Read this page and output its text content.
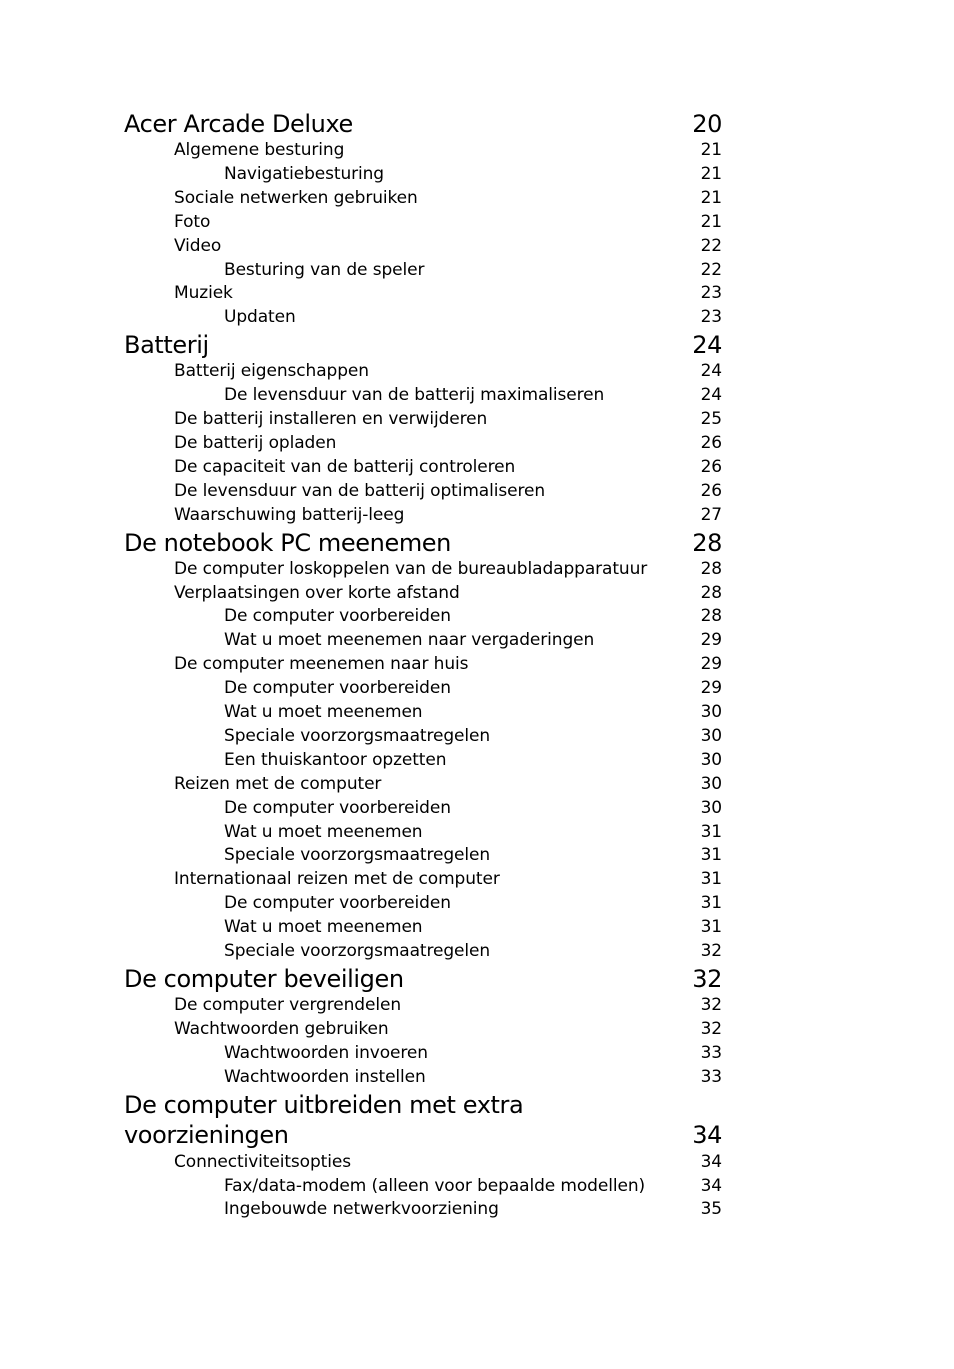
Acer Arcade Deluxe	20
Algemene besturing	21
Navigatiebesturing	21
Sociale netwerken gebruiken	21
Foto	21
Video	22
Besturing van de speler	22
Muziek	23
Updaten	23
Batterij	24
Batterij eigenschappen	24
De levensduur van de batterij maximaliseren	24
De batterij installeren en verwijderen	25
De batterij opladen	26
De capaciteit van de batterij controleren	26
De levensduur van de batterij optimaliseren	26
Waarschuwing batterij-leeg	27
De notebook PC meenemen	28
De computer loskoppelen van de bureaubladapparatuur	28
Verplaatsingen over korte afstand	28
De computer voorbereiden	28
Wat u moet meenemen naar vergaderingen	29
De computer meenemen naar huis	29
De computer voorbereiden	29
Wat u moet meenemen	30
Speciale voorzorgsmaatregelen	30
Een thuiskantoor opzetten	30
Reizen met de computer	30
De computer voorbereiden	30
Wat u moet meenemen	31
Speciale voorzorgsmaatregelen	31
Internationaal reizen met de computer	31
De computer voorbereiden	31
Wat u moet meenemen	31
Speciale voorzorgsmaatregelen	32
De computer beveiligen	32
De computer vergrendelen	32
Wachtwoorden gebruiken	32
Wachtwoorden invoeren	33
Wachtwoorden instellen	33
De computer uitbreiden met extra
voorzieningen	34
Connectiviteitsopties	34
Fax/data-modem (alleen voor bepaalde modellen)	34
Ingebouwde netwerkvoorziening	35
